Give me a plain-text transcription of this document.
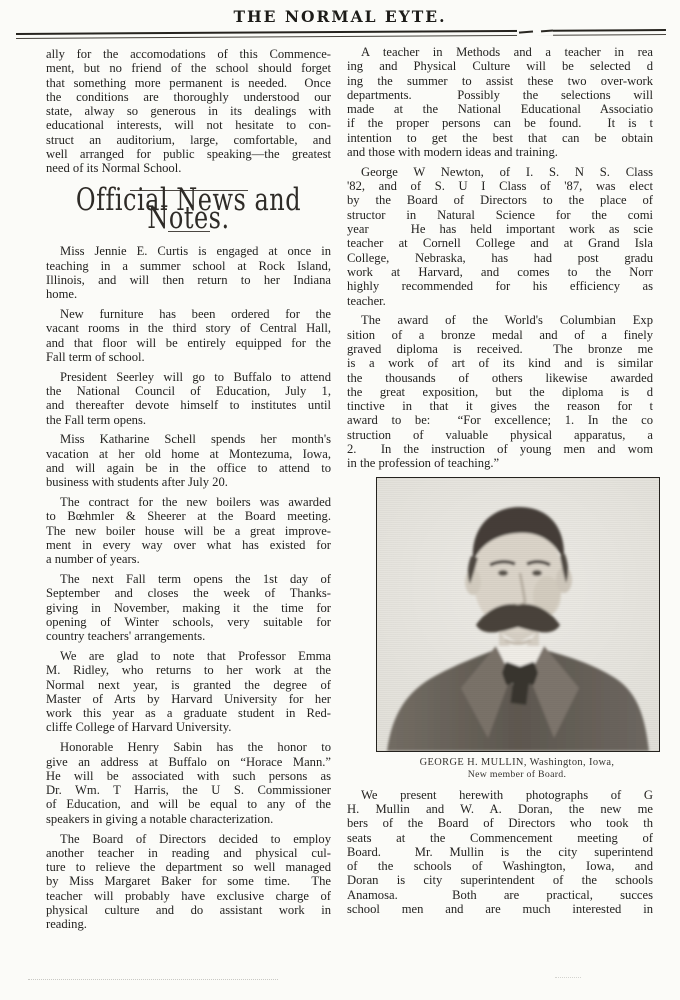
THE NORMAL EYTE.
ally for the accomodations of this Commence-
ment, but no friend of the school should forget
that something more permanent is needed.  Once
the conditions are thoroughly understood our
state, alway so generous in its dealings with
educational interests, will not hesitate to con-
struct an auditorium, large, comfortable, and
well arranged for public speaking—the greatest
need of its Normal School.
Official News and Notes.
Miss Jennie E. Curtis is engaged at once in
teaching in a summer school at Rock Island,
Illinois, and will then return to her Indiana
home.
New furniture has been ordered for the
vacant rooms in the third story of Central Hall,
and that floor will be entirely equipped for the
Fall term of school.
President Seerley will go to Buffalo to attend
the National Council of Education, July 1,
and thereafter devote himself to institutes until
the Fall term opens.
Miss Katharine Schell spends her month's
vacation at her old home at Montezuma, Iowa,
and will again be in the office to attend to
business with students after July 20.
The contract for the new boilers was awarded
to Bœhmler & Sheerer at the Board meeting.
The new boiler house will be a great improve-
ment in every way over what has existed for
a number of years.
The next Fall term opens the 1st day of
September and closes the week of Thanks-
giving in November, making it the time for
opening of Winter schools, very suitable for
country teachers' arrangements.
We are glad to note that Professor Emma
M. Ridley, who returns to her work at the
Normal next year, is granted the degree of
Master of Arts by Harvard University for her
work this year as a graduate student in Red-
cliffe College of Harvard University.
Honorable Henry Sabin has the honor to
give an address at Buffalo on “Horace Mann.”
He will be associated with such persons as
Dr. Wm. T Harris, the U S. Commissioner
of Education, and will be equal to any of the
speakers in giving a notable characterization.
The Board of Directors decided to employ
another teacher in reading and physical cul-
ture to relieve the department so well managed
by Miss Margaret Baker for some time.  The
teacher will probably have exclusive charge of
physical culture and do assistant work in
reading.
A teacher in Methods and a teacher in rea
ing and Physical Culture will be selected d
ing the summer to assist these two over-work
departments.  Possibly the selections will
made at the National Educational Associatio
if the proper persons can be found.  It is t
intention to get the best that can be obtain
and those with modern ideas and training.
George W Newton, of I. S. N S. Class
'82, and of S. U I Class of '87, was elect
by the Board of Directors to the place of
structor in Natural Science for the comi
year   He has held important work as scie
teacher at Cornell College and at Grand Isla
College, Nebraska, has had post gradu
work at Harvard, and comes to the Norr
highly recommended for his efficiency as
teacher.
The award of the World's Columbian Exp
sition of a bronze medal and of a finely
graved diploma is received.  The bronze me
is a work of art of its kind and is similar
the thousands of others likewise awarded
the great exposition, but the diploma is d
tinctive in that it gives the reason for t
award to be:  “For excellence; 1. In the co
struction of valuable physical apparatus, a
2.  In the instruction of young men and wom
in the profession of teaching.”
GEORGE H. MULLIN, Washington, Iowa,
New member of Board.
We present herewith photographs of G
H. Mullin and W. A. Doran, the new me
bers of the Board of Directors who took th
seats at the Commencement meeting of
Board.  Mr. Mullin is the city superintend
of the schools of Washington, Iowa, and
Doran is city superintendent of the schools
Anamosa.  Both are practical, succes
school men and are much interested in
